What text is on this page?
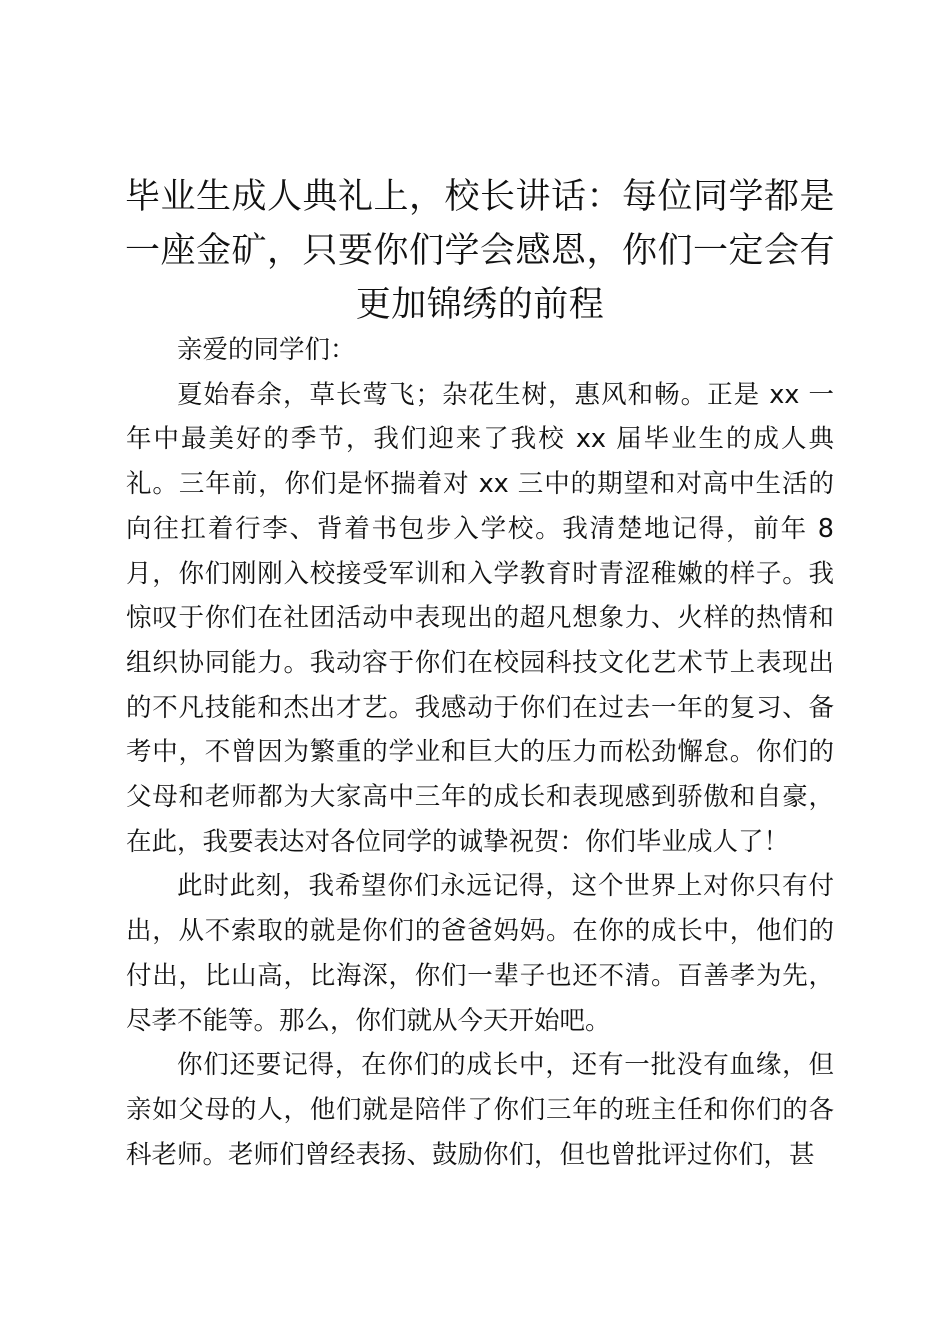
毕业生成人典礼上，校长讲话：每位同学都是一座金矿，只要你们学会感恩，你们一定会有更加锦绣的前程

亲爱的同学们：

夏始春余，草长莺飞；杂花生树，惠风和畅。正是 xx 一年中最美好的季节，我们迎来了我校 xx 届毕业生的成人典礼。三年前，你们是怀揣着对 xx 三中的期望和对高中生活的向往扛着行李、背着书包步入学校。我清楚地记得，前年 8 月，你们刚刚入校接受军训和入学教育时青涩稚嫩的样子。我惊叹于你们在社团活动中表现出的超凡想象力、火样的热情和组织协同能力。我动容于你们在校园科技文化艺术节上表现出的不凡技能和杰出才艺。我感动于你们在过去一年的复习、备考中，不曾因为繁重的学业和巨大的压力而松劲懈怠。你们的父母和老师都为大家高中三年的成长和表现感到骄傲和自豪，在此，我要表达对各位同学的诚挚祝贺：你们毕业成人了！

此时此刻，我希望你们永远记得，这个世界上对你只有付出，从不索取的就是你们的爸爸妈妈。在你的成长中，他们的付出，比山高，比海深，你们一辈子也还不清。百善孝为先，尽孝不能等。那么，你们就从今天开始吧。

你们还要记得，在你们的成长中，还有一批没有血缘，但亲如父母的人，他们就是陪伴了你们三年的班主任和你们的各科老师。老师们曾经表扬、鼓励你们，但也曾批评过你们，甚
